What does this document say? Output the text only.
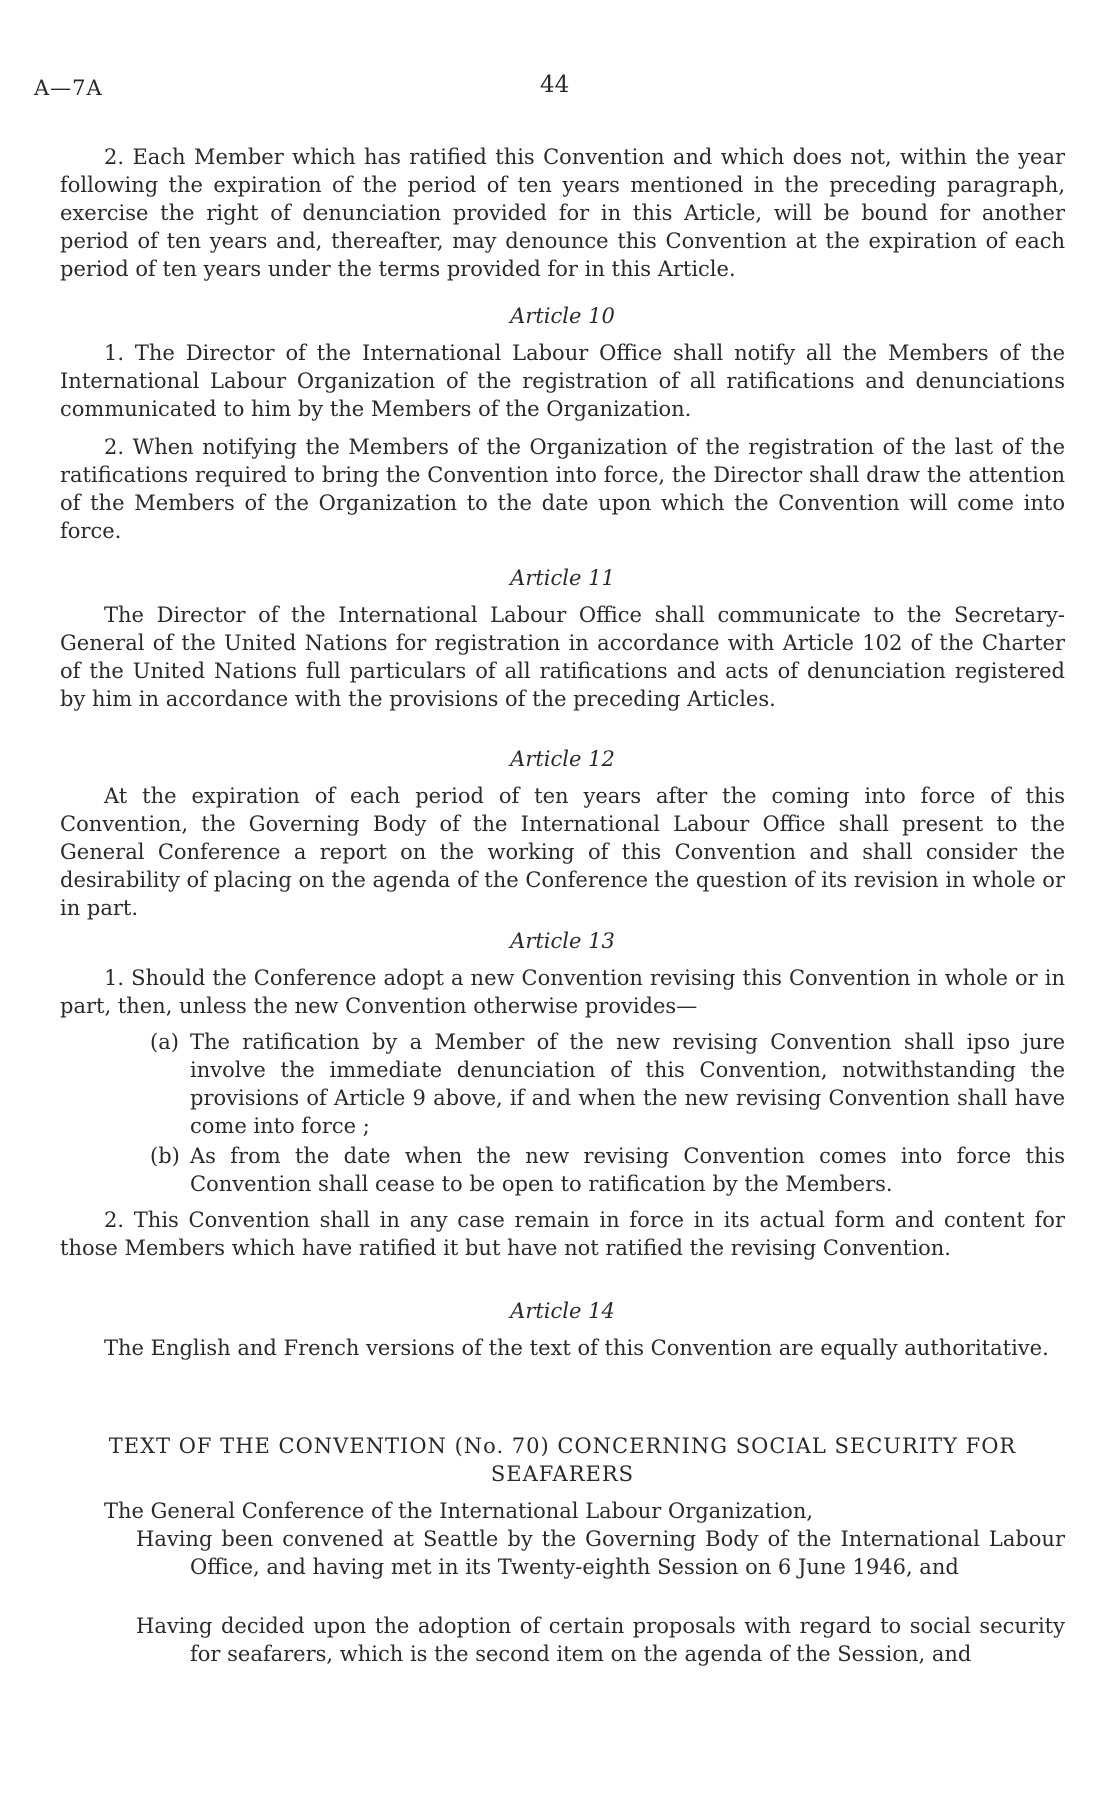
A—7A	44
2. Each Member which has ratified this Convention and which does not, within the year following the expiration of the period of ten years mentioned in the preceding paragraph, exercise the right of denunciation provided for in this Article, will be bound for another period of ten years and, thereafter, may denounce this Convention at the expiration of each period of ten years under the terms provided for in this Article.
Article 10
1. The Director of the International Labour Office shall notify all the Members of the International Labour Organization of the registration of all ratifications and denunciations communicated to him by the Members of the Organization.
2. When notifying the Members of the Organization of the registration of the last of the ratifications required to bring the Convention into force, the Director shall draw the attention of the Members of the Organization to the date upon which the Convention will come into force.
Article 11
The Director of the International Labour Office shall communicate to the Secretary-General of the United Nations for registration in accordance with Article 102 of the Charter of the United Nations full particulars of all ratifications and acts of denunciation registered by him in accordance with the provisions of the preceding Articles.
Article 12
At the expiration of each period of ten years after the coming into force of this Convention, the Governing Body of the International Labour Office shall present to the General Conference a report on the working of this Convention and shall consider the desirability of placing on the agenda of the Conference the question of its revision in whole or in part.
Article 13
1. Should the Conference adopt a new Convention revising this Convention in whole or in part, then, unless the new Convention otherwise provides—
(a) The ratification by a Member of the new revising Convention shall ipso jure involve the immediate denunciation of this Convention, notwithstanding the provisions of Article 9 above, if and when the new revising Convention shall have come into force ;
(b) As from the date when the new revising Convention comes into force this Convention shall cease to be open to ratification by the Members.
2. This Convention shall in any case remain in force in its actual form and content for those Members which have ratified it but have not ratified the revising Convention.
Article 14
The English and French versions of the text of this Convention are equally authoritative.
TEXT OF THE CONVENTION (No. 70) CONCERNING SOCIAL SECURITY FOR
SEAFARERS
The General Conference of the International Labour Organization,
Having been convened at Seattle by the Governing Body of the International Labour Office, and having met in its Twenty-eighth Session on 6 June 1946, and
Having decided upon the adoption of certain proposals with regard to social security for seafarers, which is the second item on the agenda of the Session, and
